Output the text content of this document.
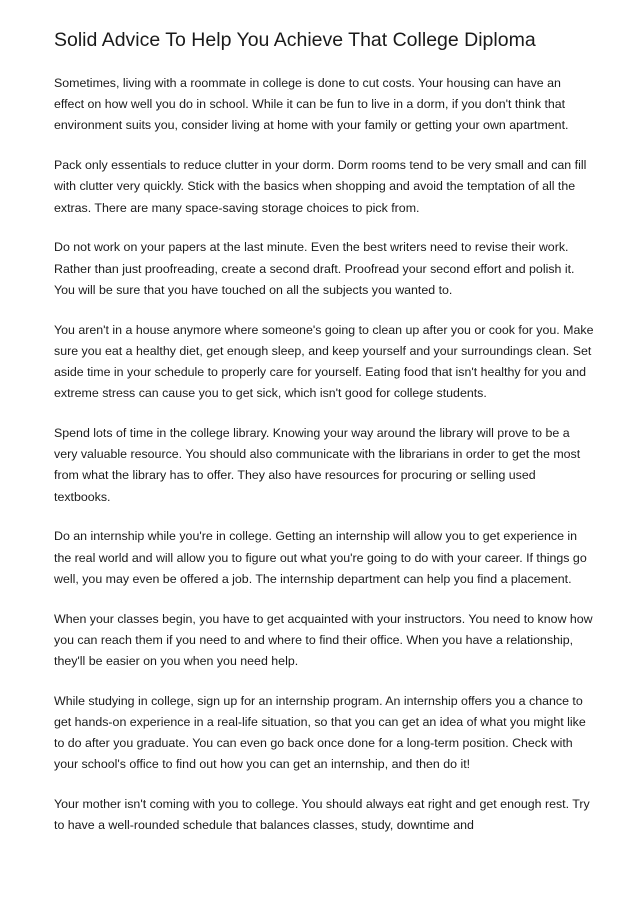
Solid Advice To Help You Achieve That College Diploma

Sometimes, living with a roommate in college is done to cut costs. Your housing can have an effect on how well you do in school. While it can be fun to live in a dorm, if you don't think that environment suits you, consider living at home with your family or getting your own apartment.

Pack only essentials to reduce clutter in your dorm. Dorm rooms tend to be very small and can fill with clutter very quickly. Stick with the basics when shopping and avoid the temptation of all the extras. There are many space-saving storage choices to pick from.

Do not work on your papers at the last minute. Even the best writers need to revise their work. Rather than just proofreading, create a second draft. Proofread your second effort and polish it. You will be sure that you have touched on all the subjects you wanted to.

You aren't in a house anymore where someone's going to clean up after you or cook for you. Make sure you eat a healthy diet, get enough sleep, and keep yourself and your surroundings clean. Set aside time in your schedule to properly care for yourself. Eating food that isn't healthy for you and extreme stress can cause you to get sick, which isn't good for college students.

Spend lots of time in the college library. Knowing your way around the library will prove to be a very valuable resource. You should also communicate with the librarians in order to get the most from what the library has to offer. They also have resources for procuring or selling used textbooks.

Do an internship while you're in college. Getting an internship will allow you to get experience in the real world and will allow you to figure out what you're going to do with your career. If things go well, you may even be offered a job. The internship department can help you find a placement.

When your classes begin, you have to get acquainted with your instructors. You need to know how you can reach them if you need to and where to find their office. When you have a relationship, they'll be easier on you when you need help.

While studying in college, sign up for an internship program. An internship offers you a chance to get hands-on experience in a real-life situation, so that you can get an idea of what you might like to do after you graduate. You can even go back once done for a long-term position. Check with your school's office to find out how you can get an internship, and then do it!

Your mother isn't coming with you to college. You should always eat right and get enough rest. Try to have a well-rounded schedule that balances classes, study, downtime and
